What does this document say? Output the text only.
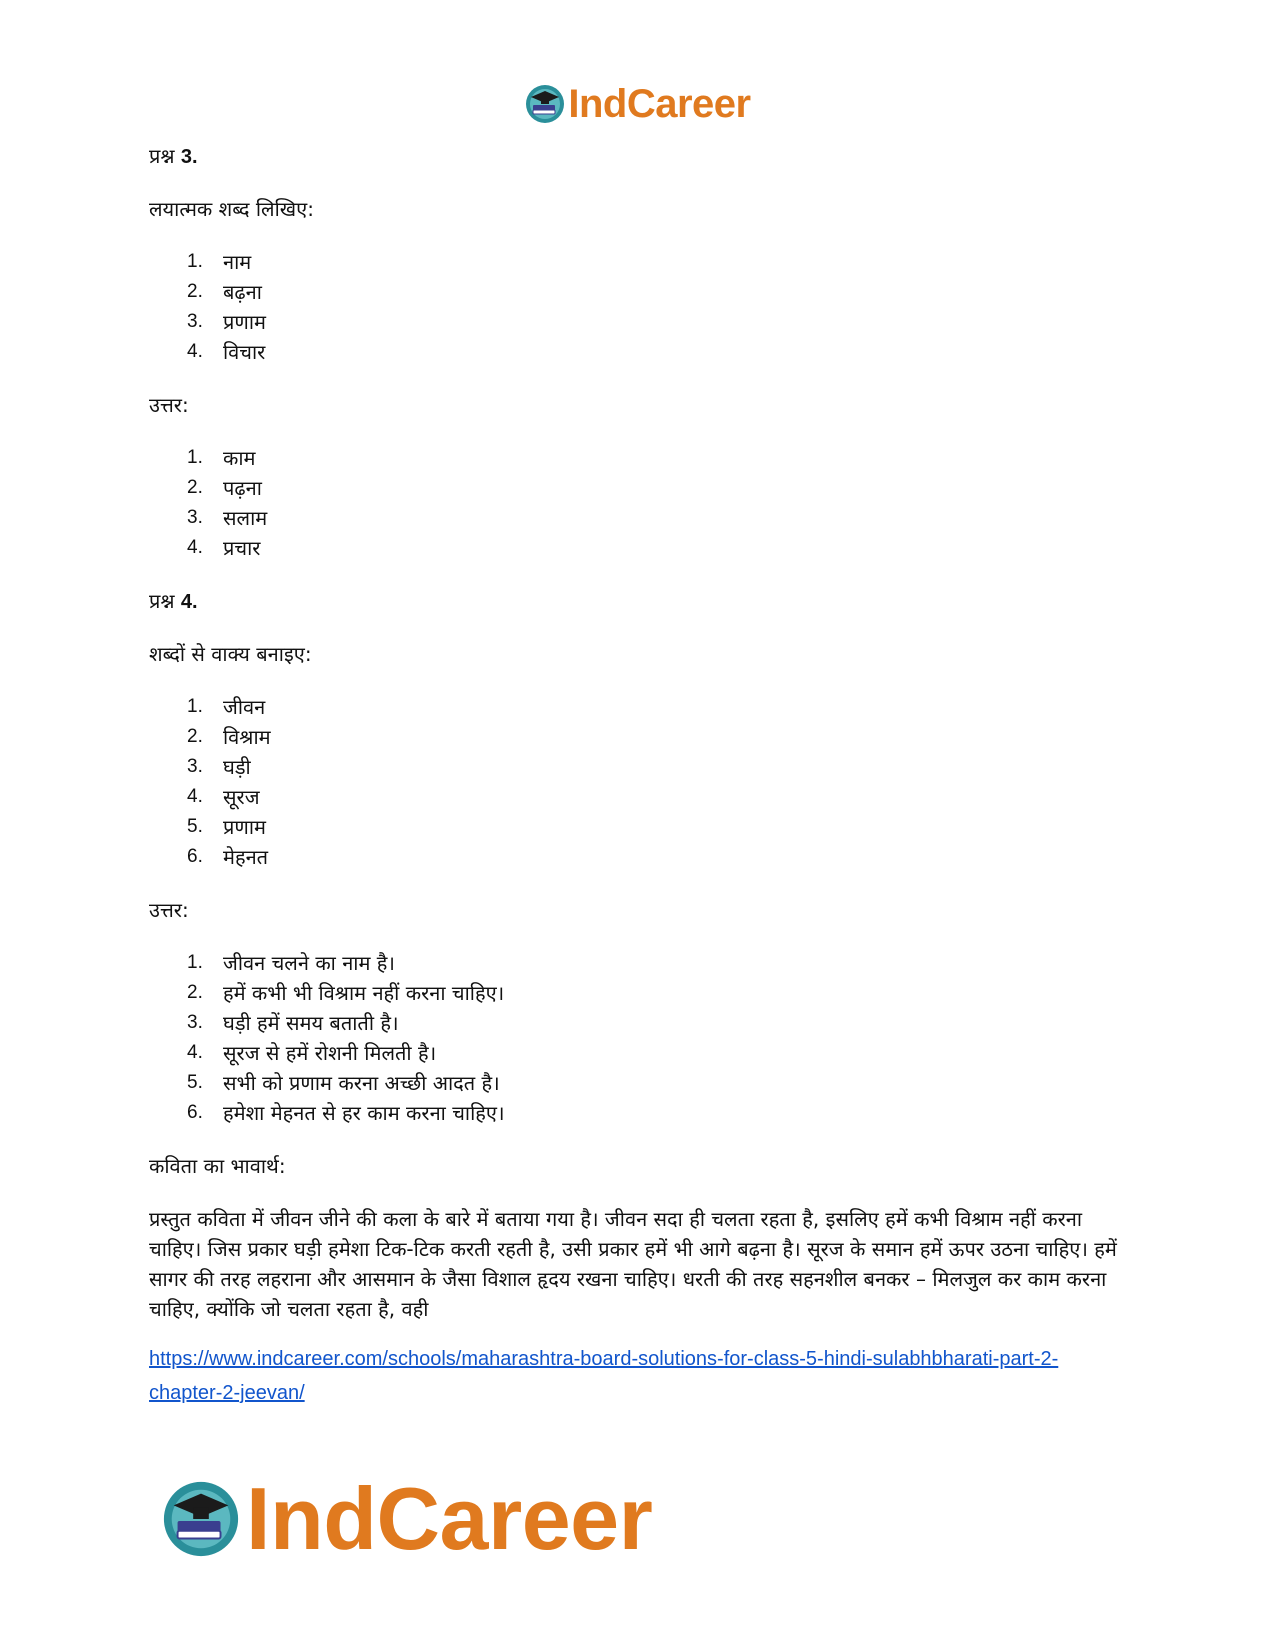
IndCareer

प्रश्न 3.

लयात्मक शब्द लिखिए:

1.	नाम
2.	बढ़ना
3.	प्रणाम
4.	विचार

उत्तर:

1.	काम
2.	पढ़ना
3.	सलाम
4.	प्रचार

प्रश्न 4.

शब्दों से वाक्य बनाइए:

1.	जीवन
2.	विश्राम
3.	घड़ी
4.	सूरज
5.	प्रणाम
6.	मेहनत

उत्तर:

1.	जीवन चलने का नाम है।
2.	हमें कभी भी विश्राम नहीं करना चाहिए।
3.	घड़ी हमें समय बताती है।
4.	सूरज से हमें रोशनी मिलती है।
5.	सभी को प्रणाम करना अच्छी आदत है।
6.	हमेशा मेहनत से हर काम करना चाहिए।

कविता का भावार्थ:

प्रस्तुत कविता में जीवन जीने की कला के बारे में बताया गया है। जीवन सदा ही चलता रहता है, इसलिए हमें कभी विश्राम नहीं करना चाहिए। जिस प्रकार घड़ी हमेशा टिक-टिक करती रहती है, उसी प्रकार हमें भी आगे बढ़ना है। सूरज के समान हमें ऊपर उठना चाहिए। हमें सागर की तरह लहराना और आसमान के जैसा विशाल हृदय रखना चाहिए। धरती की तरह सहनशील बनकर – मिलजुल कर काम करना चाहिए, क्योंकि जो चलता रहता है, वही

https://www.indcareer.com/schools/maharashtra-board-solutions-for-class-5-hindi-sulabhbharati-part-2-chapter-2-jeevan/
IndCareer
